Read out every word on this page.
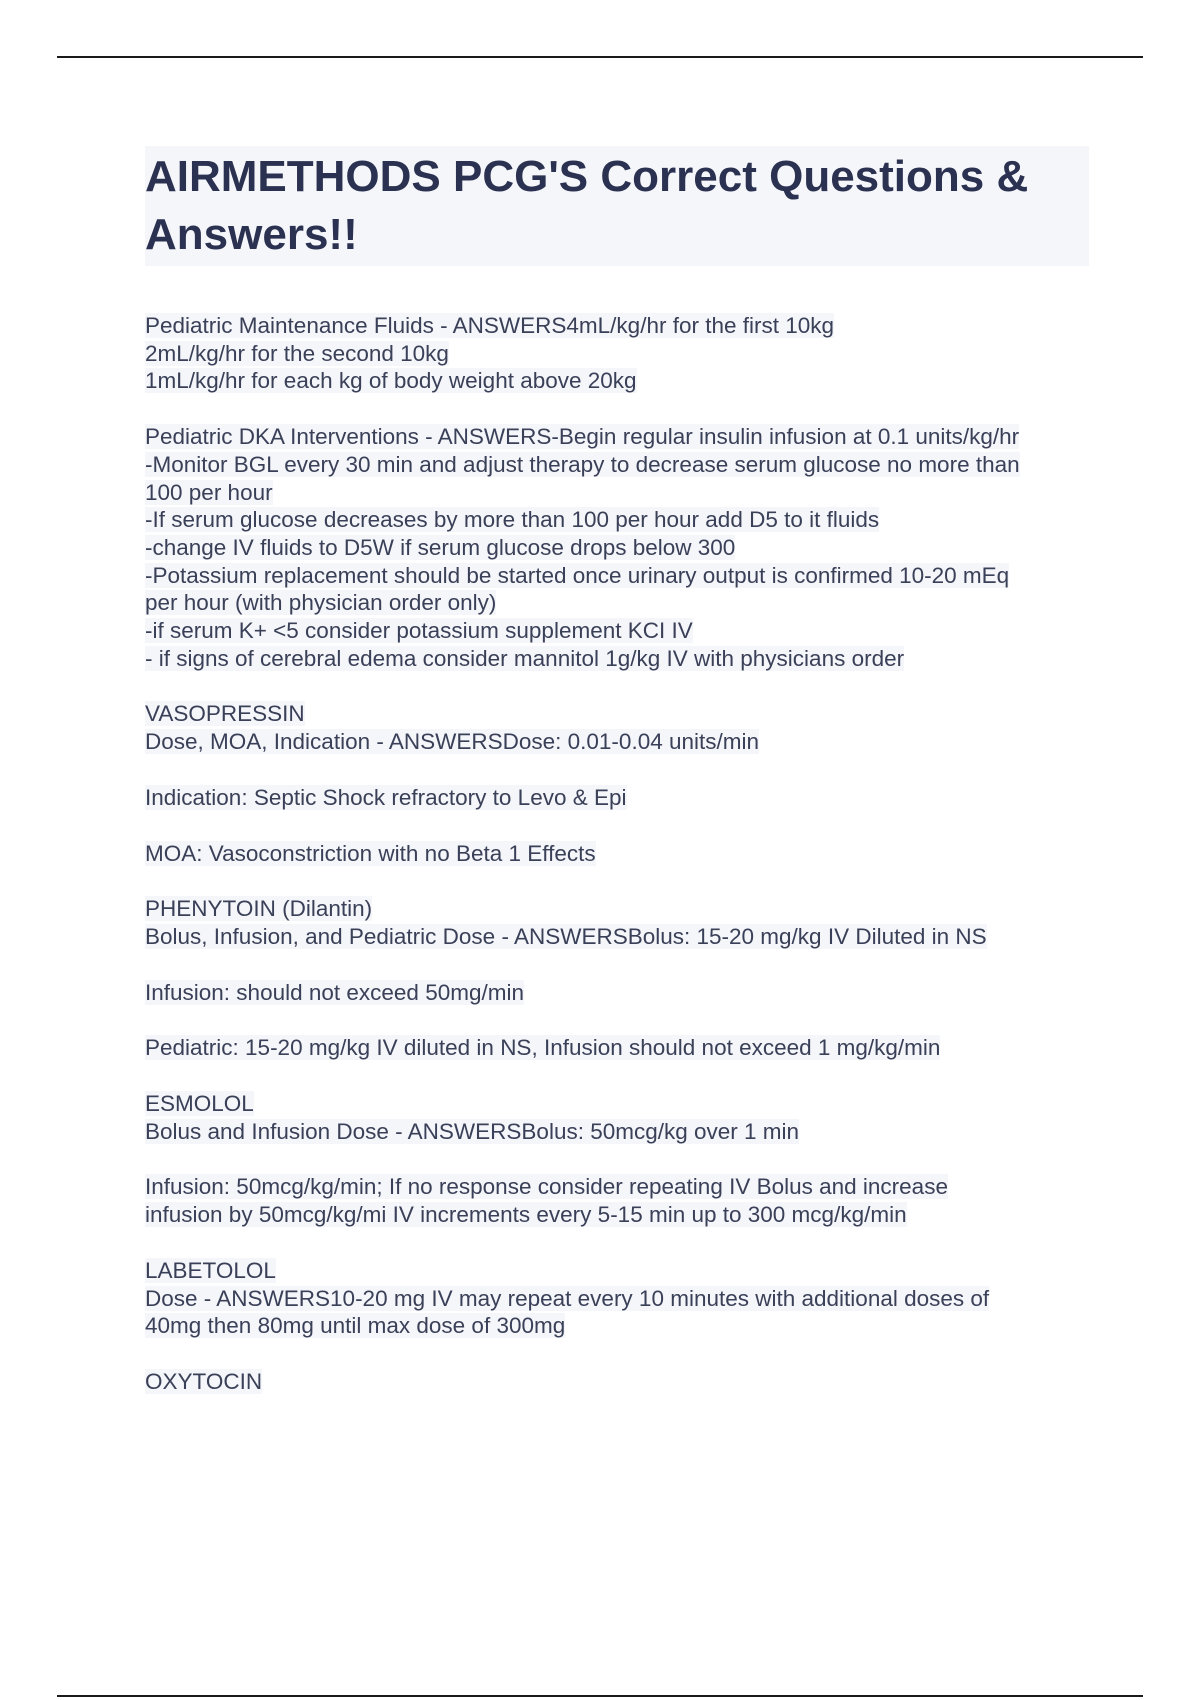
AIRMETHODS PCG'S Correct Questions & Answers!!
Pediatric Maintenance Fluids - ANSWERS4mL/kg/hr for the first 10kg
2mL/kg/hr for the second 10kg
1mL/kg/hr for each kg of body weight above 20kg
Pediatric DKA Interventions - ANSWERS-Begin regular insulin infusion at 0.1 units/kg/hr
-Monitor BGL every 30 min and adjust therapy to decrease serum glucose no more than
100 per hour
-If serum glucose decreases by more than 100 per hour add D5 to it fluids
-change IV fluids to D5W if serum glucose drops below 300
-Potassium replacement should be started once urinary output is confirmed 10-20 mEq
per hour (with physician order only)
-if serum K+ <5 consider potassium supplement KCI IV
- if signs of cerebral edema consider mannitol 1g/kg IV with physicians order
VASOPRESSIN
Dose, MOA, Indication - ANSWERSDose: 0.01-0.04 units/min
Indication: Septic Shock refractory to Levo & Epi
MOA: Vasoconstriction with no Beta 1 Effects
PHENYTOIN (Dilantin)
Bolus, Infusion, and Pediatric Dose - ANSWERSBolus: 15-20 mg/kg IV Diluted in NS
Infusion: should not exceed 50mg/min
Pediatric: 15-20 mg/kg IV diluted in NS, Infusion should not exceed 1 mg/kg/min
ESMOLOL
Bolus and Infusion Dose - ANSWERSBolus: 50mcg/kg over 1 min
Infusion: 50mcg/kg/min; If no response consider repeating IV Bolus and increase
infusion by 50mcg/kg/mi IV increments every 5-15 min up to 300 mcg/kg/min
LABETOLOL
Dose - ANSWERS10-20 mg IV may repeat every 10 minutes with additional doses of
40mg then 80mg until max dose of 300mg
OXYTOCIN
